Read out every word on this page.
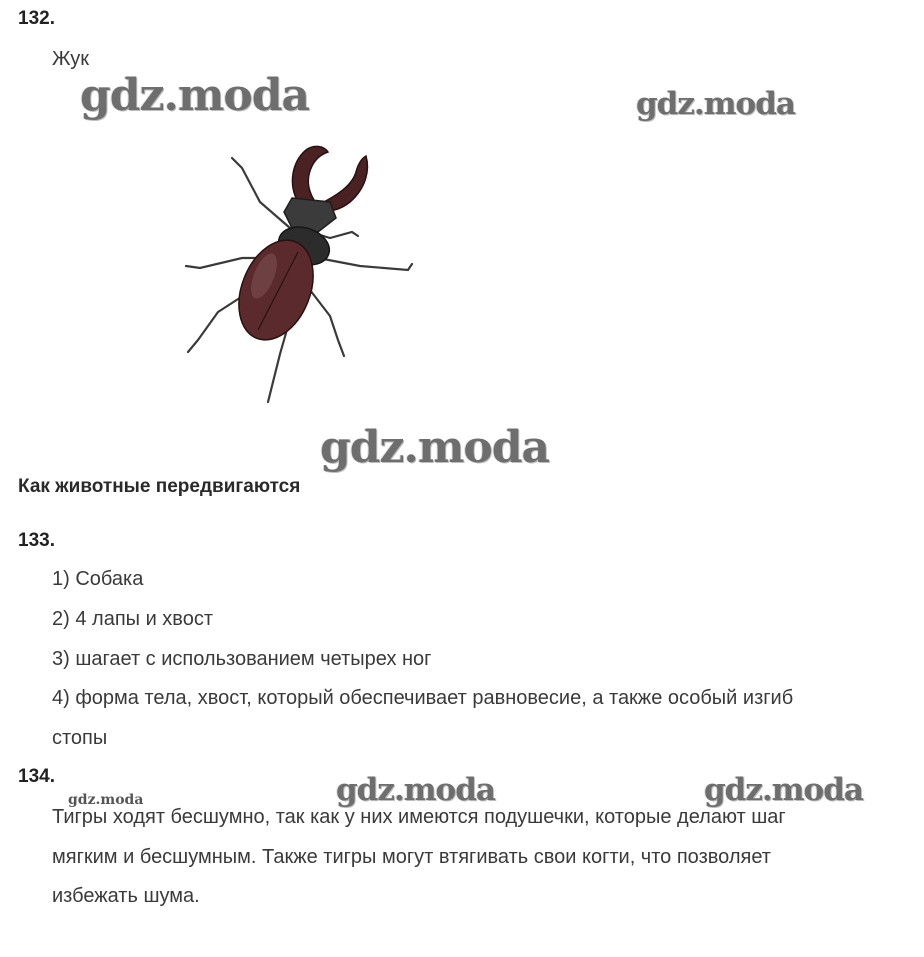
132.
Жук
gdz.moda	gdz.moda
gdz.moda
Как животные передвигаются
133.
1) Собака
2) 4 лапы и хвост
3) шагает с использованием четырех ног
4) форма тела, хвост, который обеспечивает равновесие, а также особый изгиб
стопы
134.
gdz.moda	gdz.moda	gdz.moda
Тигры ходят бесшумно, так как у них имеются подушечки, которые делают шаг
мягким и бесшумным. Также тигры могут втягивать свои когти, что позволяет
избежать шума.
